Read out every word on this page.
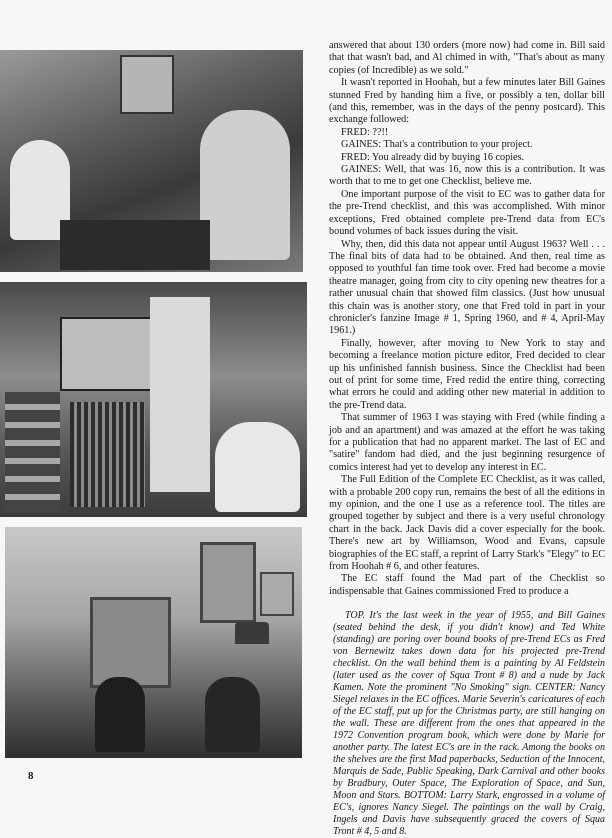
answered that about 130 orders (more now) had come in. Bill said that that wasn't bad, and Al chimed in with, "That's about as many copies (of Incredible) as we sold."

It wasn't reported in Hoohah, but a few minutes later Bill Gaines stunned Fred by handing him a five, or possibly a ten, dollar bill (and this, remember, was in the days of the penny postcard). This exchange followed:

FRED: ??!!

GAINES: That's a contribution to your project.

FRED: You already did by buying 16 copies.

GAINES: Well, that was 16, now this is a contribution. It was worth that to me to get one Checklist, believe me.

One important purpose of the visit to EC was to gather data for the pre-Trend checklist, and this was accomplished. With minor exceptions, Fred obtained complete pre-Trend data from EC's bound volumes of back issues during the visit.

Why, then, did this data not appear until August 1963? Well . . . The final bits of data had to be obtained. And then, real time as opposed to youthful fan time took over. Fred had become a movie theatre manager, going from city to city opening new theatres for a rather unusual chain that showed film classics. (Just how unusual this chain was is another story, one that Fred told in part in your chronicler's fanzine Image # 1, Spring 1960, and # 4, April-May 1961.)

Finally, however, after moving to New York to stay and becoming a freelance motion picture editor, Fred decided to clear up his unfinished fannish business. Since the Checklist had been out of print for some time, Fred redid the entire thing, correcting what errors he could and adding other new material in addition to the pre-Trend data.

That summer of 1963 I was staying with Fred (while finding a job and an apartment) and was amazed at the effort he was taking for a publication that had no apparent market. The last of EC and "satire" fandom had died, and the just beginning resurgence of comics interest had yet to develop any interest in EC.

The Full Edition of the Complete EC Checklist, as it was called, with a probable 200 copy run, remains the best of all the editions in my opinion, and the one I use as a reference tool. The titles are grouped together by subject and there is a very useful chronology chart in the back. Jack Davis did a cover especially for the book. There's new art by Williamson, Wood and Evans, capsule biographies of the EC staff, a reprint of Larry Stark's "Elegy" to EC from Hoohah # 6, and other features.

The EC staff found the Mad part of the Checklist so indispensable that Gaines commissioned Fred to produce a

TOP. It's the last week in the year of 1955, and Bill Gaines (seated behind the desk, if you didn't know) and Ted White (standing) are poring over bound books of pre-Trend ECs as Fred von Bernewitz takes down data for his projected pre-Trend checklist. On the wall behind them is a painting by Al Feldstein (later used as the cover of Squa Tront # 8) and a nude by Jack Kamen. Note the prominent "No Smoking" sign. CENTER: Nancy Siegel relaxes in the EC offices. Marie Severin's caricatures of each of the EC staff, put up for the Christmas party, are still hanging on the wall. These are different from the ones that appeared in the 1972 Convention program book, which were done by Marie for another party. The latest EC's are in the rack. Among the books on the shelves are the first Mad paperbacks, Seduction of the Innocent, Marquis de Sade, Public Speaking, Dark Carnival and other books by Bradbury, Outer Space, The Exploration of Space, and Sun, Moon and Stars. BOTTOM: Larry Stark, engrossed in a volume of EC's, ignores Nancy Siegel. The paintings on the wall by Craig, Ingels and Davis have subsequently graced the covers of Squa Tront # 4, 5 and 8.
8
